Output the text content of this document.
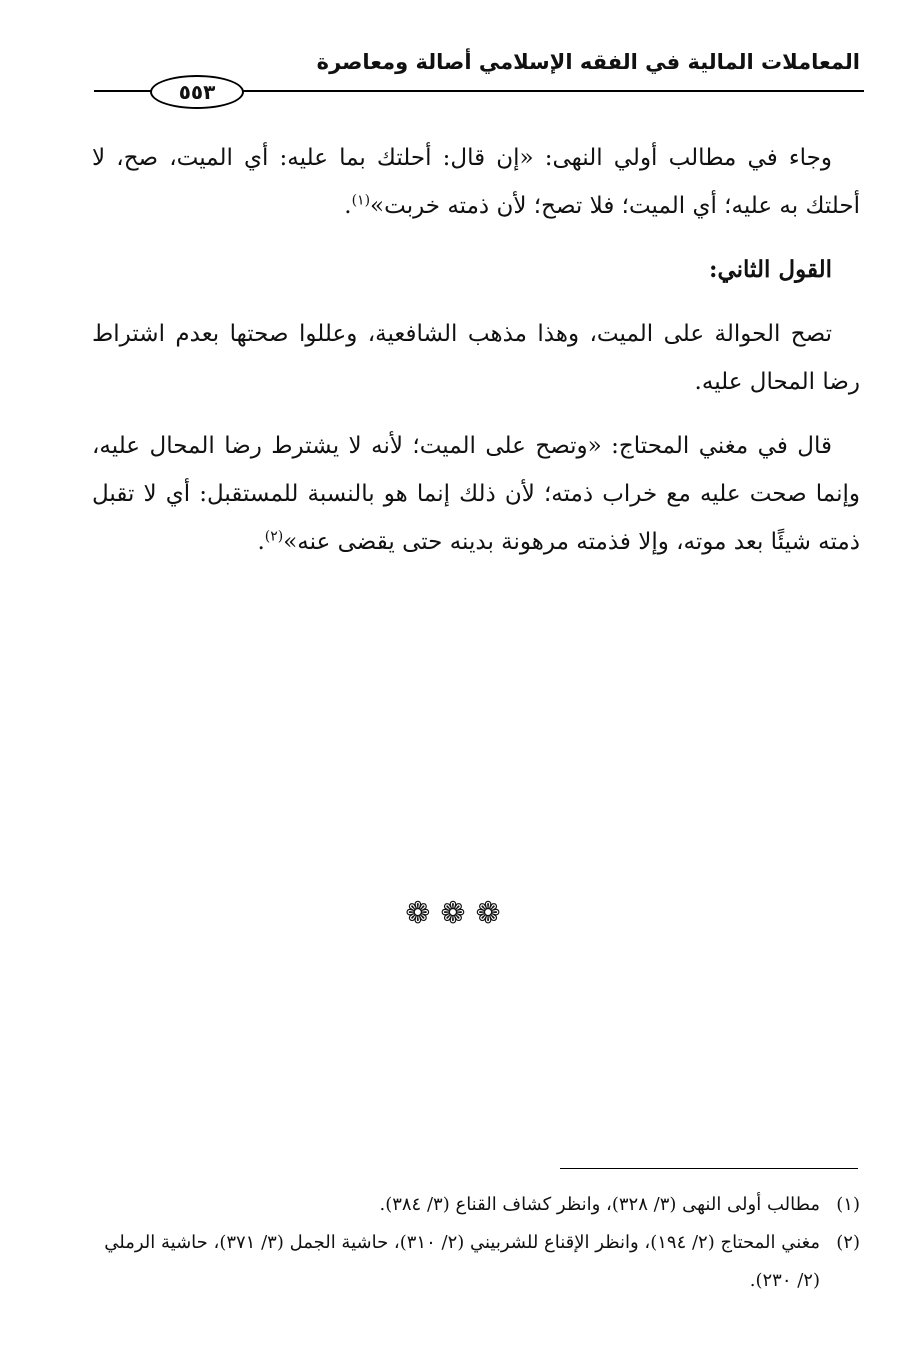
المعاملات المالية في الفقه الإسلامي أصالة ومعاصرة
٥٥٣
وجاء في مطالب أولي النهى: «إن قال: أحلتك بما عليه: أي الميت، صح، لا أحلتك به عليه؛ أي الميت؛ فلا تصح؛ لأن ذمته خربت»$^{(١)}$.
القول الثاني:
تصح الحوالة على الميت، وهذا مذهب الشافعية، وعللوا صحتها بعدم اشتراط رضا المحال عليه.
قال في مغني المحتاج: «وتصح على الميت؛ لأنه لا يشترط رضا المحال عليه، وإنما صحت عليه مع خراب ذمته؛ لأن ذلك إنما هو بالنسبة للمستقبل: أي لا تقبل ذمته شيئًا بعد موته، وإلا فذمته مرهونة بدينه حتى يقضى عنه»$^{(٢)}$.
❁❁❁

(١)
مطالب أولى النهى (٣/ ٣٢٨)، وانظر كشاف القناع (٣/ ٣٨٤).

(٢)
مغني المحتاج (٢/ ١٩٤)، وانظر الإقناع للشربيني (٢/ ٣١٠)، حاشية الجمل (٣/ ٣٧١)، حاشية الرملي (٢/ ٢٣٠).
